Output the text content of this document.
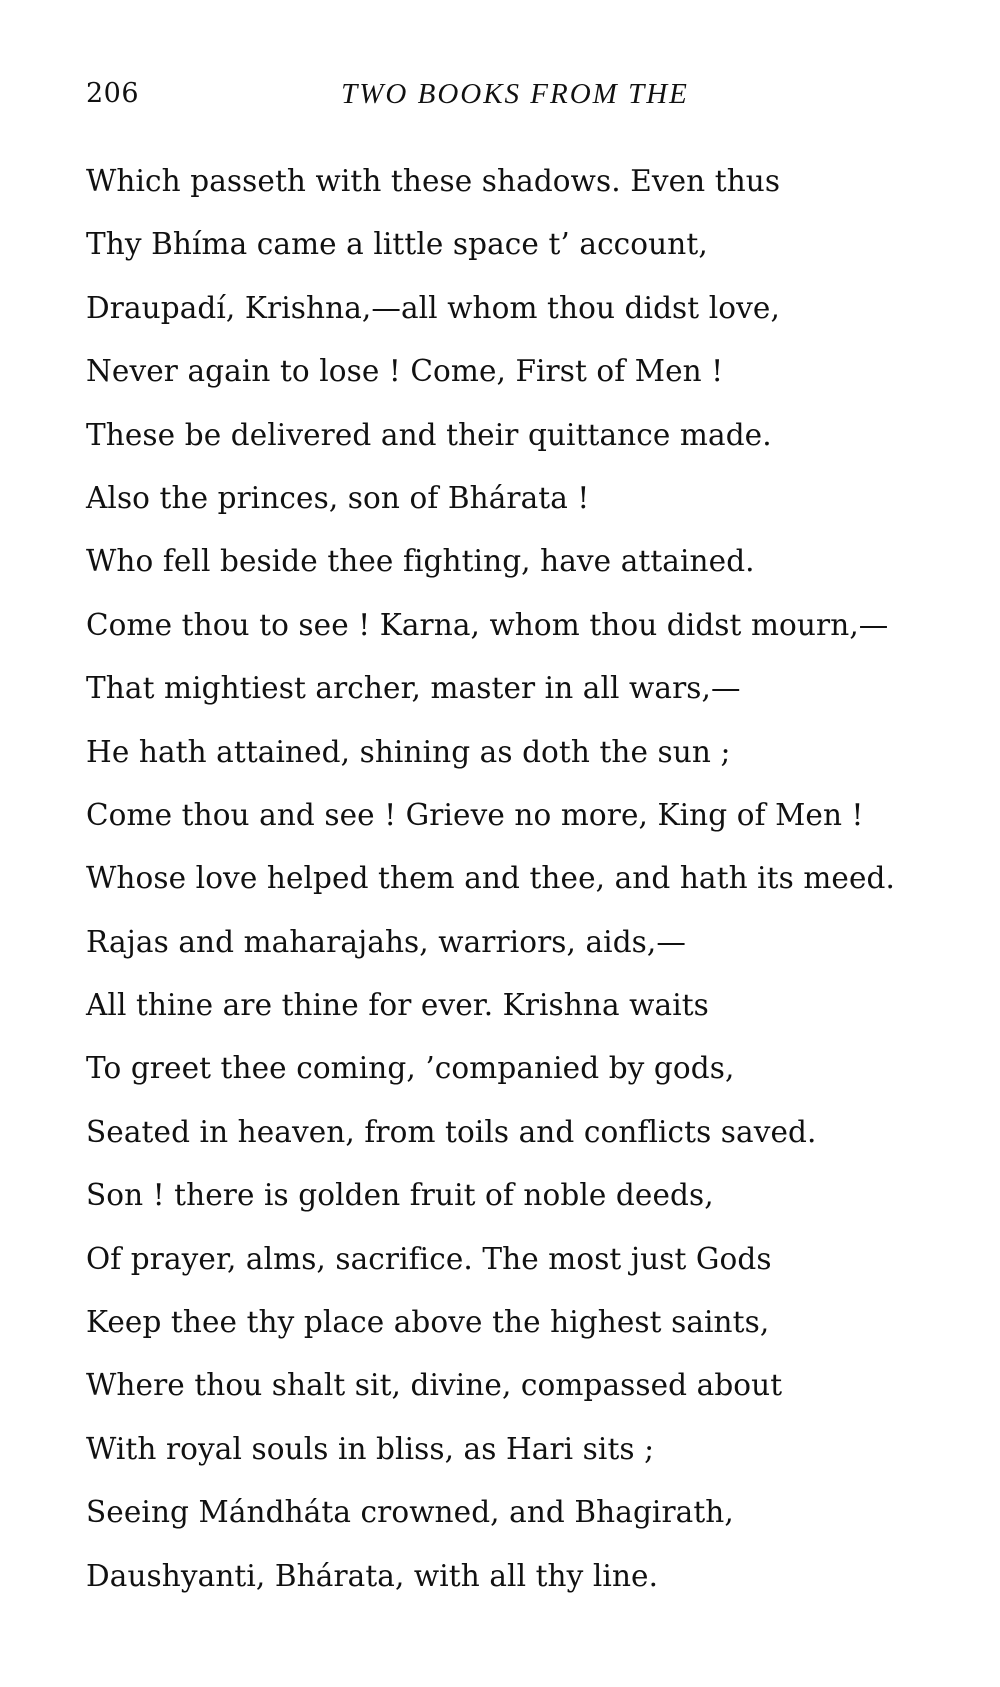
206	TWO BOOKS FROM THE
Which passeth with these shadows. Even thus
Thy Bhíma came a little space t’ account,
Draupadí, Krishna,—all whom thou didst love,
Never again to lose ! Come, First of Men !
These be delivered and their quittance made.
Also the princes, son of Bhárata !
Who fell beside thee fighting, have attained.
Come thou to see ! Karna, whom thou didst mourn,—
That mightiest archer, master in all wars,—
He hath attained, shining as doth the sun ;
Come thou and see ! Grieve no more, King of Men !
Whose love helped them and thee, and hath its meed.
Rajas and maharajahs, warriors, aids,—
All thine are thine for ever. Krishna waits
To greet thee coming, ’companied by gods,
Seated in heaven, from toils and conflicts saved.
Son ! there is golden fruit of noble deeds,
Of prayer, alms, sacrifice. The most just Gods
Keep thee thy place above the highest saints,
Where thou shalt sit, divine, compassed about
With royal souls in bliss, as Hari sits ;
Seeing Mándháta crowned, and Bhagirath,
Daushyanti, Bhárata, with all thy line.
